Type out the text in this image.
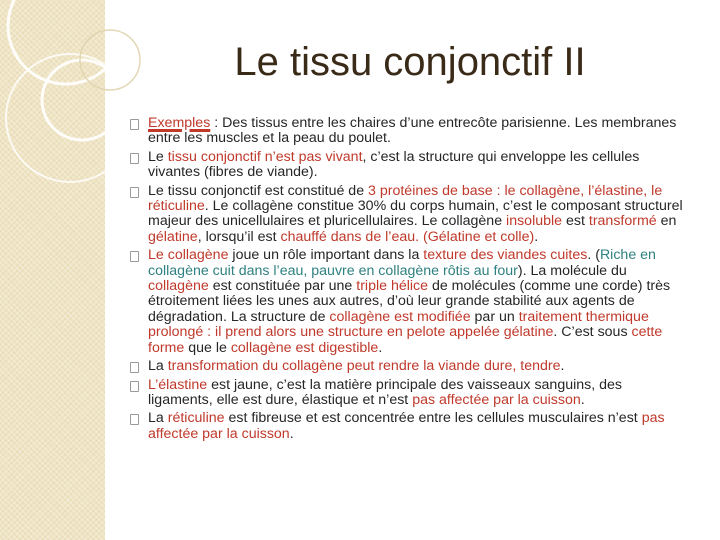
Le tissu conjonctif II
Exemples : Des tissus entre les chaires d’une entrecôte parisienne. Les membranes entre les muscles et la peau du poulet.
Le tissu conjonctif n’est pas vivant, c’est la structure qui enveloppe les cellules vivantes (fibres de viande).
Le tissu conjonctif est constitué de 3 protéines de base : le collagène, l’élastine, le réticuline. Le collagène constitue 30% du corps humain, c’est le composant structurel majeur des unicellulaires et pluricellulaires. Le collagène insoluble est transformé en gélatine, lorsqu’il est chauffé dans de l’eau. (Gélatine et colle).
Le collagène joue un rôle important dans la texture des viandes cuites. (Riche en collagène cuit dans l’eau, pauvre en collagène rôtis au four). La molécule du collagène est constituée par une triple hélice de molécules (comme une corde) très étroitement liées les unes aux autres, d’où leur grande stabilité aux agents de dégradation. La structure de collagène est modifiée par un traitement thermique prolongé : il prend alors une structure en pelote appelée gélatine. C’est sous cette forme que le collagène est digestible.
La transformation du collagène peut rendre la viande dure, tendre.
L’élastine est jaune, c’est la matière principale des vaisseaux sanguins, des ligaments, elle est dure, élastique et n’est pas affectée par la cuisson.
La réticuline est fibreuse et est concentrée entre les cellules musculaires n’est pas affectée par la cuisson.
